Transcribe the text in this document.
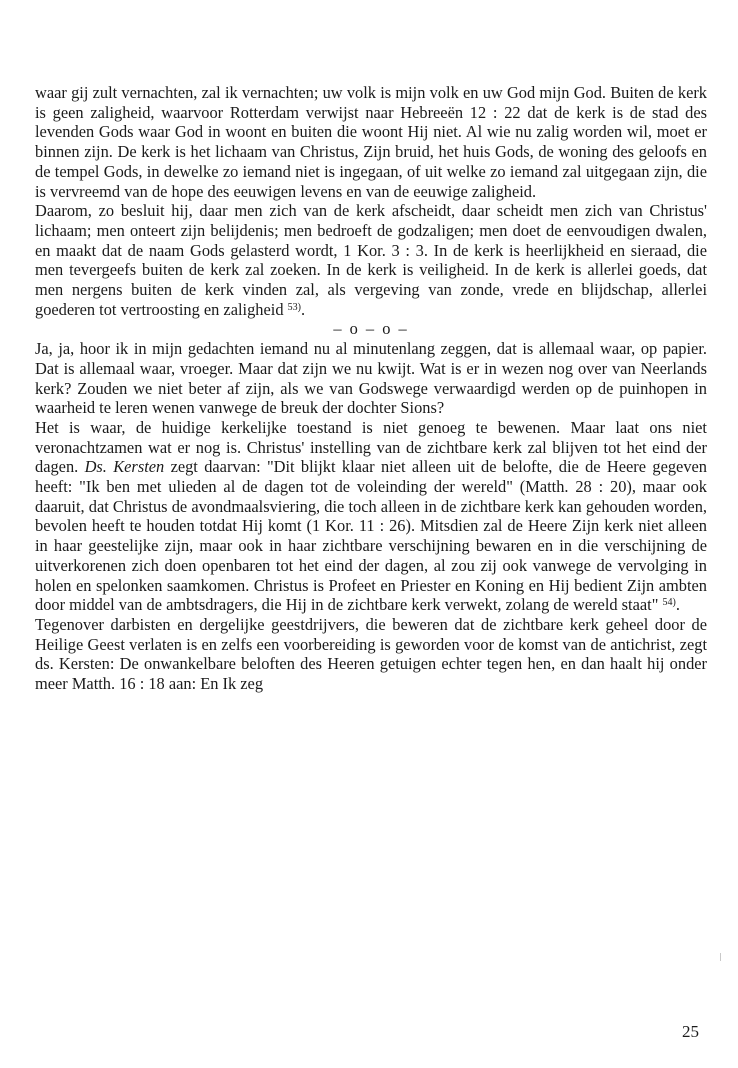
waar gij zult vernachten, zal ik vernachten; uw volk is mijn volk en uw God mijn God. Buiten de kerk is geen zaligheid, waarvoor Rotterdam verwijst naar Hebreeën 12 : 22 dat de kerk is de stad des levenden Gods waar God in woont en buiten die woont Hij niet. Al wie nu zalig worden wil, moet er binnen zijn. De kerk is het lichaam van Christus, Zijn bruid, het huis Gods, de woning des geloofs en de tempel Gods, in dewelke zo iemand niet is ingegaan, of uit welke zo iemand zal uitgegaan zijn, die is vervreemd van de hope des eeuwigen levens en van de eeuwige zaligheid.

Daarom, zo besluit hij, daar men zich van de kerk afscheidt, daar scheidt men zich van Christus' lichaam; men onteert zijn belijdenis; men bedroeft de godzaligen; men doet de eenvoudigen dwalen, en maakt dat de naam Gods gelasterd wordt, 1 Kor. 3 : 3. In de kerk is heerlijkheid en sieraad, die men tevergeefs buiten de kerk zal zoeken. In de kerk is veiligheid. In de kerk is allerlei goeds, dat men nergens buiten de kerk vinden zal, als vergeving van zonde, vrede en blijdschap, allerlei goederen tot vertroosting en zaligheid $^{53)}$.

– o – o –

Ja, ja, hoor ik in mijn gedachten iemand nu al minutenlang zeggen, dat is allemaal waar, op papier. Dat is allemaal waar, vroeger. Maar dat zijn we nu kwijt. Wat is er in wezen nog over van Neerlands kerk? Zouden we niet beter af zijn, als we van Godswege verwaardigd werden op de puinhopen in waarheid te leren wenen vanwege de breuk der dochter Sions?

Het is waar, de huidige kerkelijke toestand is niet genoeg te bewenen. Maar laat ons niet veronachtzamen wat er nog is. Christus' instelling van de zichtbare kerk zal blijven tot het eind der dagen. Ds. Kersten zegt daarvan: "Dit blijkt klaar niet alleen uit de belofte, die de Heere gegeven heeft: "Ik ben met ulieden al de dagen tot de voleinding der wereld" (Matth. 28 : 20), maar ook daaruit, dat Christus de avondmaalsviering, die toch alleen in de zichtbare kerk kan gehouden worden, bevolen heeft te houden totdat Hij komt (1 Kor. 11 : 26). Mitsdien zal de Heere Zijn kerk niet alleen in haar geestelijke zijn, maar ook in haar zichtbare verschijning bewaren en in die verschijning de uitverkorenen zich doen openbaren tot het eind der dagen, al zou zij ook vanwege de vervolging in holen en spelonken saamkomen. Christus is Profeet en Priester en Koning en Hij bedient Zijn ambten door middel van de ambtsdragers, die Hij in de zichtbare kerk verwekt, zolang de wereld staat" $^{54)}$.

Tegenover darbisten en dergelijke geestdrijvers, die beweren dat de zichtbare kerk geheel door de Heilige Geest verlaten is en zelfs een voorbereiding is geworden voor de komst van de antichrist, zegt ds. Kersten: De onwankelbare beloften des Heeren getuigen echter tegen hen, en dan haalt hij onder meer Matth. 16 : 18 aan: En Ik zeg

25
